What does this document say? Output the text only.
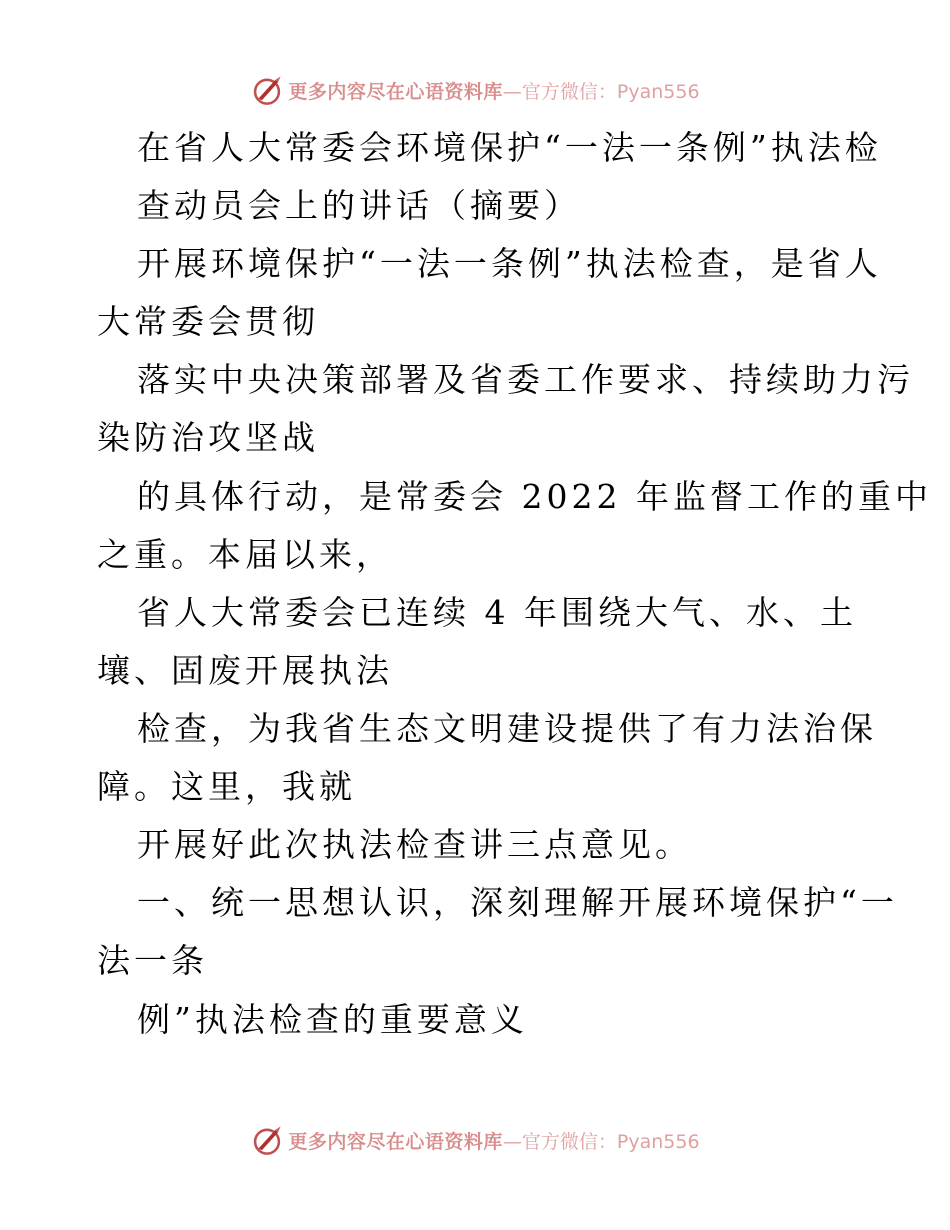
更多内容尽在心语资料库 —官方微信：Pyan556
在省人大常委会环境保护“一法一条例”执法检
查动员会上的讲话（摘要）
开展环境保护“一法一条例”执法检查，是省人
大常委会贯彻
落实中央决策部署及省委工作要求、持续助力污
染防治攻坚战
的具体行动，是常委会 2022 年监督工作的重中
之重。本届以来，
省人大常委会已连续 4 年围绕大气、水、土
壤、固废开展执法
检查，为我省生态文明建设提供了有力法治保
障。这里，我就
开展好此次执法检查讲三点意见。
一、统一思想认识，深刻理解开展环境保护“一
法一条
例”执法检查的重要意义
更多内容尽在心语资料库 —官方微信：Pyan556
